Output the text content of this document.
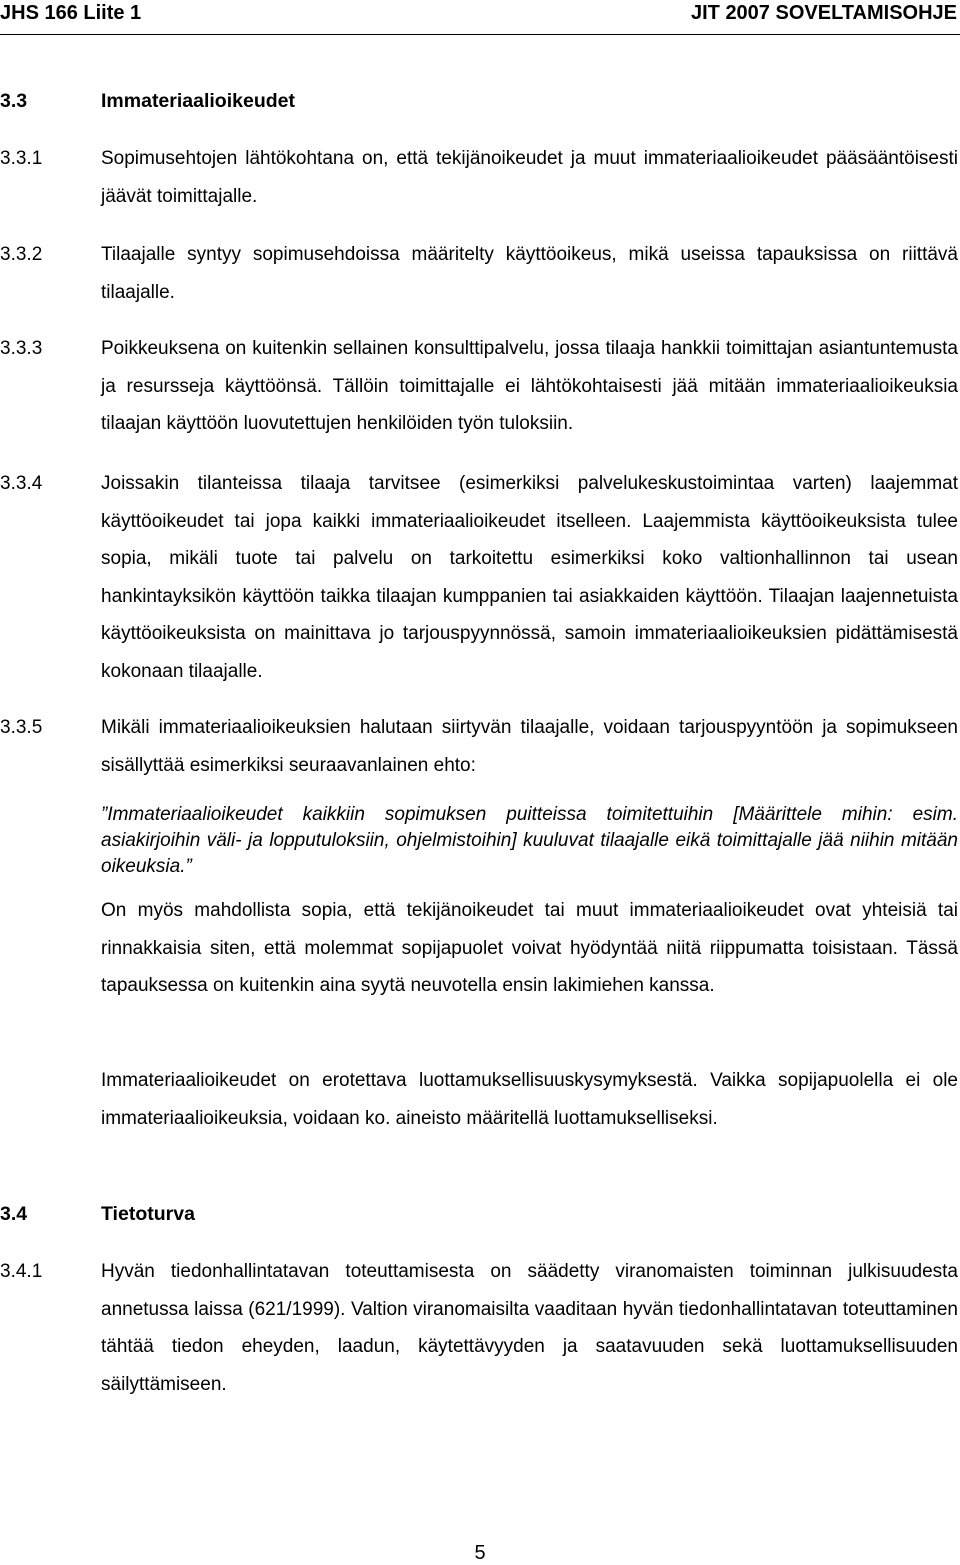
JHS 166 Liite 1	JIT 2007 SOVELTAMISOHJE
3.3	Immateriaalioikeudet
3.3.1	Sopimusehtojen lähtökohtana on, että tekijänoikeudet ja muut immateriaalioikeudet pääsääntöisesti jäävät toimittajalle.
3.3.2	Tilaajalle syntyy sopimusehdoissa määritelty käyttöoikeus, mikä useissa tapauksissa on riittävä tilaajalle.
3.3.3	Poikkeuksena on kuitenkin sellainen konsulttipalvelu, jossa tilaaja hankkii toimittajan asiantuntemusta ja resursseja käyttöönsä. Tällöin toimittajalle ei lähtökohtaisesti jää mitään immateriaalioikeuksia tilaajan käyttöön luovutettujen henkilöiden työn tuloksiin.
3.3.4	Joissakin tilanteissa tilaaja tarvitsee (esimerkiksi palvelukeskustoimintaa varten) laajemmat käyttöoikeudet tai jopa kaikki immateriaalioikeudet itselleen. Laajemmista käyttöoikeuksista tulee sopia, mikäli tuote tai palvelu on tarkoitettu esimerkiksi koko valtionhallinnon tai usean hankintayksikön käyttöön taikka tilaajan kumppanien tai asiakkaiden käyttöön. Tilaajan laajennetuista käyttöoikeuksista on mainittava jo tarjouspyynnössä, samoin immateriaalioikeuksien pidättämisestä kokonaan tilaajalle.
3.3.5	Mikäli immateriaalioikeuksien halutaan siirtyvän tilaajalle, voidaan tarjouspyyntöön ja sopimukseen sisällyttää esimerkiksi seuraavanlainen ehto:
”Immateriaalioikeudet kaikkiin sopimuksen puitteissa toimitettuihin [Määrittele mihin: esim. asiakirjoihin väli- ja lopputuloksiin, ohjelmistoihin] kuuluvat tilaajalle eikä toimittajalle jää niihin mitään oikeuksia.”
On myös mahdollista sopia, että tekijänoikeudet tai muut immateriaalioikeudet ovat yhteisiä tai rinnakkaisia siten, että molemmat sopijapuolet voivat hyödyntää niitä riippumatta toisistaan. Tässä tapauksessa on kuitenkin aina syytä neuvotella ensin lakimiehen kanssa.
Immateriaalioikeudet on erotettava luottamuksellisuuskysymyksestä. Vaikka sopijapuolella ei ole immateriaalioikeuksia, voidaan ko. aineisto määritellä luottamukselliseksi.
3.4	Tietoturva
3.4.1	Hyvän tiedonhallintatavan toteuttamisesta on säädetty viranomaisten toiminnan julkisuudesta annetussa laissa (621/1999). Valtion viranomaisilta vaaditaan hyvän tiedonhallintatavan toteuttaminen tähtää tiedon eheyden, laadun, käytettävyyden ja saatavuuden sekä luottamuksellisuuden säilyttämiseen.
5
